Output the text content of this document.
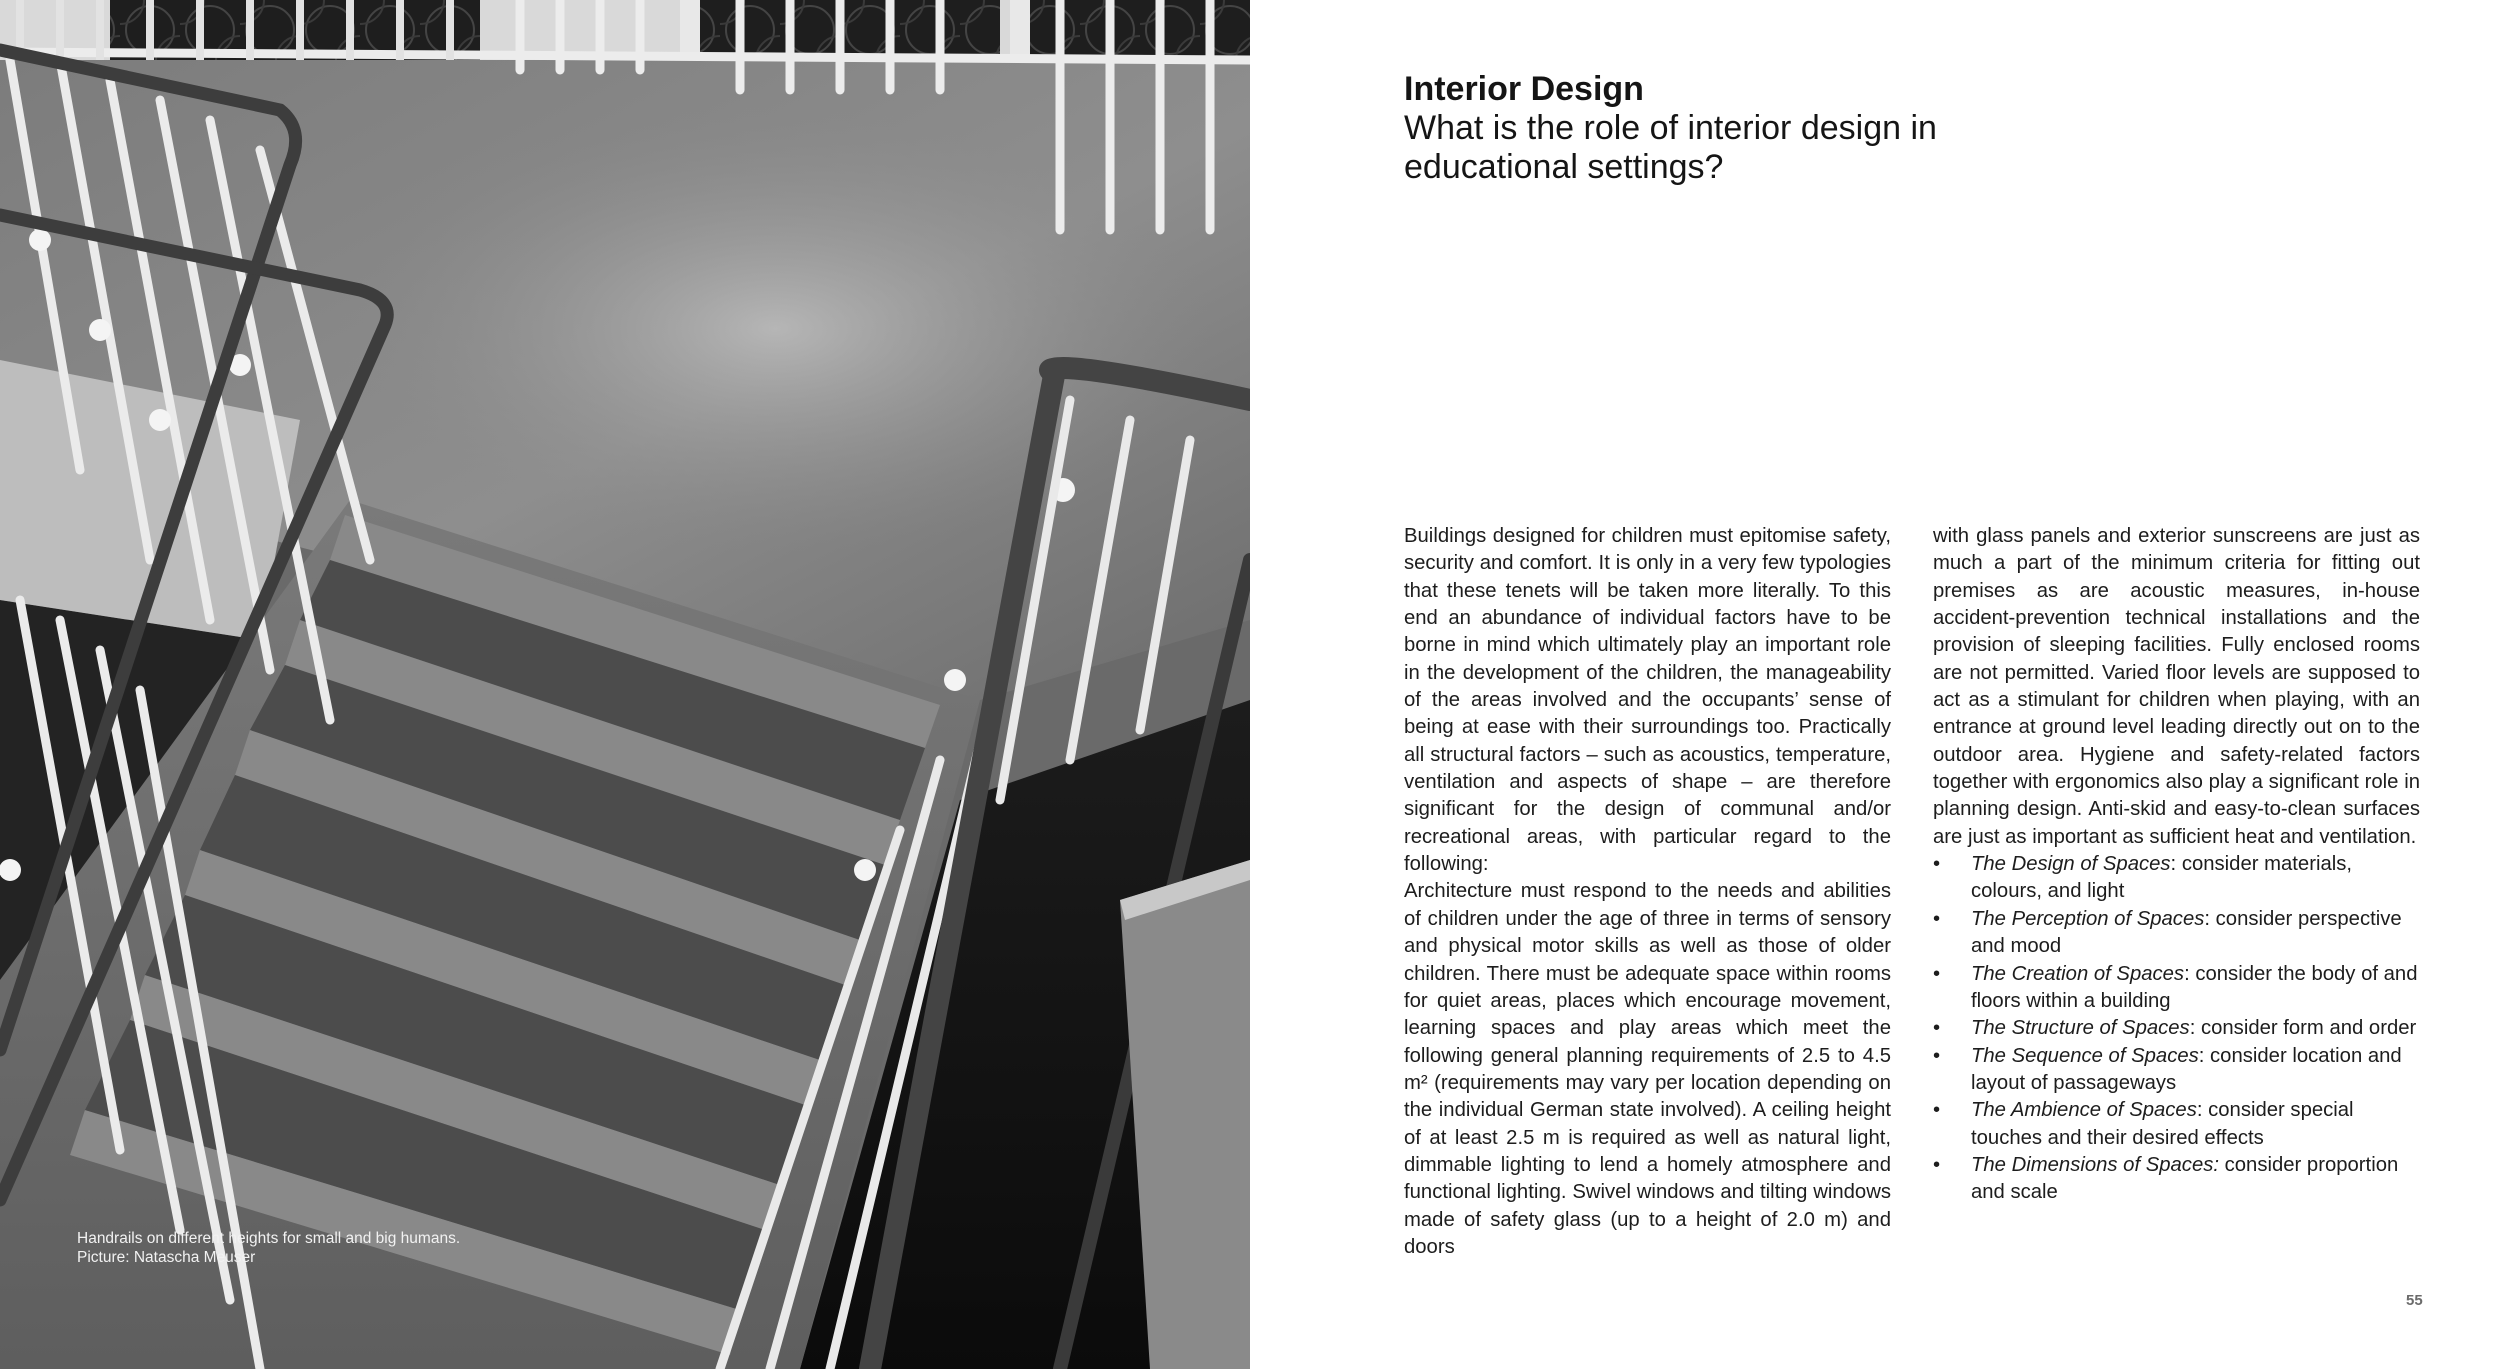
Handrails on different heights for small and big humans.
Picture: Natascha Meuser
Interior Design
What is the role of interior design in educational settings?

Buildings designed for children must epitomise safety, security and comfort. It is only in a very few typologies that these tenets will be taken more literally. To this end an abundance of individual factors have to be borne in mind which ultimately play an important role in the development of the children, the manageability of the areas involved and the occupants’ sense of being at ease with their surroundings too. Practically all structural factors – such as acoustics, temperature, ventilation and aspects of shape – are therefore significant for the design of communal and/or recreational areas, with particular regard to the following:

Architecture must respond to the needs and abilities of children under the age of three in terms of sensory and physical motor skills as well as those of older children. There must be adequate space within rooms for quiet areas, places which encourage movement, learning spaces and play areas which meet the following general planning requirements of 2.5 to 4.5 m² (requirements may vary per location depending on the individual German state involved). A ceiling height of at least 2.5 m is required as well as natural light, dimmable lighting to lend a homely atmosphere and functional lighting. Swivel windows and tilting windows made of safety glass (up to a height of 2.0 m) and doors

with glass panels and exterior sunscreens are just as much a part of the minimum criteria for fitting out premises as are acoustic measures, in-house accident-prevention technical installations and the provision of sleeping facilities. Fully enclosed rooms are not permitted. Varied floor levels are supposed to act as a stimulant for children when playing, with an entrance at ground level leading directly out on to the outdoor area. Hygiene and safety-related factors together with ergonomics also play a significant role in planning design. Anti-skid and easy-to-clean surfaces are just as important as sufficient heat and ventilation.

• The Design of Spaces: consider materials, colours, and light
• The Perception of Spaces: consider perspective and mood
• The Creation of Spaces: consider the body of and floors within a building
• The Structure of Spaces: consider form and order
• The Sequence of Spaces: consider location and layout of passageways
• The Ambience of Spaces: consider special touches and their desired effects
• The Dimensions of Spaces: consider proportion and scale
55
